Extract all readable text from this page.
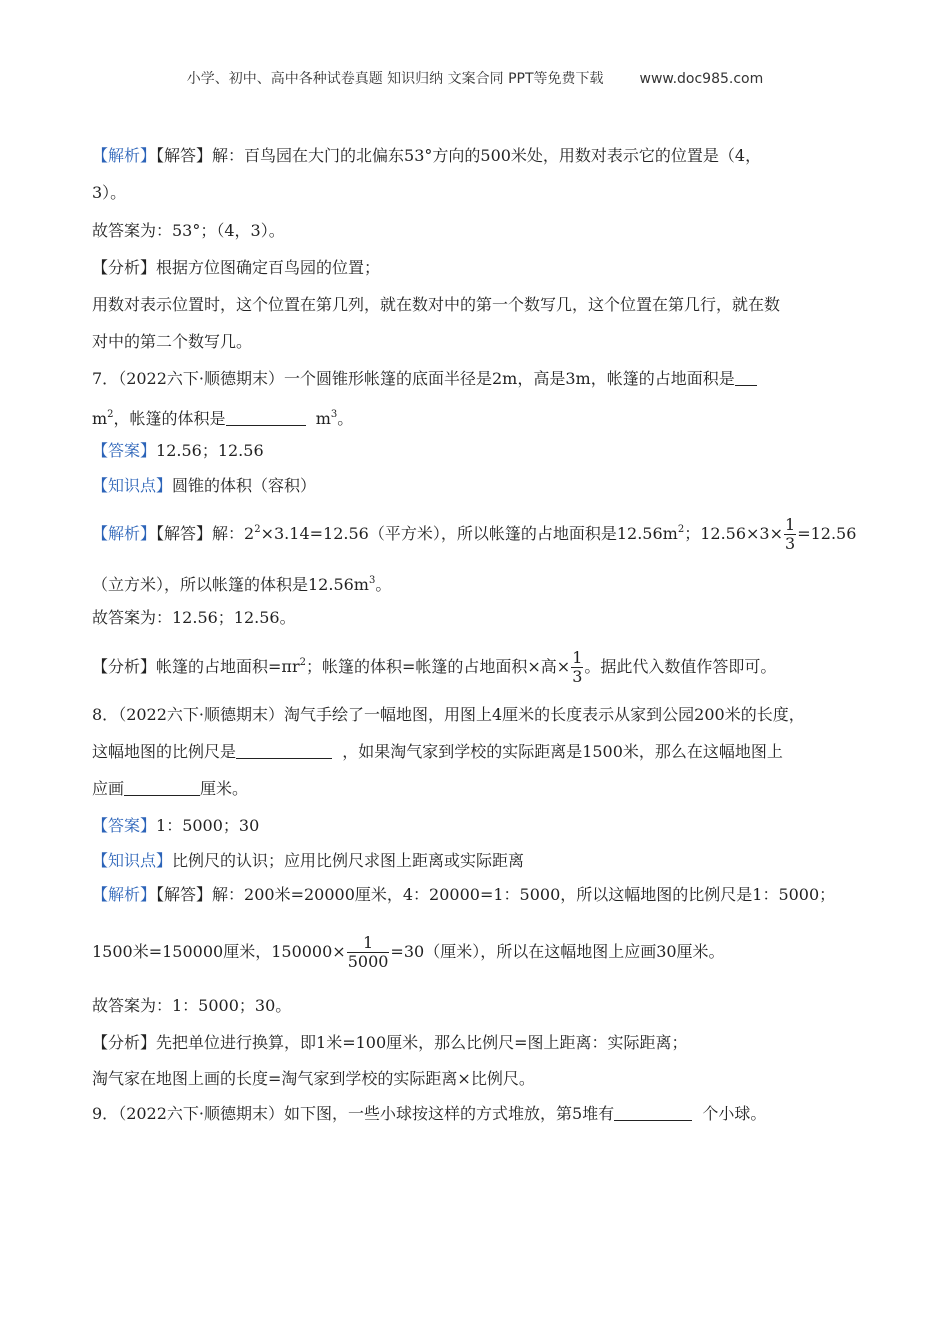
小学、初中、高中各种试卷真题 知识归纳 文案合同 PPT等免费下载	www.doc985.com
【解析】【解答】解：百鸟园在大门的北偏东53°方向的500米处，用数对表示它的位置是（4，
3）。
故答案为：53°；（4，3）。
【分析】根据方位图确定百鸟园的位置；
用数对表示位置时，这个位置在第几列，就在数对中的第一个数写几，这个位置在第几行，就在数
对中的第二个数写几。
7．（2022六下·顺德期末）一个圆锥形帐篷的底面半径是2m，高是3m，帐篷的占地面积是
$m^2$，帐篷的体积是	$m^3$。
【答案】12.56；12.56
【知识点】圆锥的体积（容积）
【解析】【解答】解：$2^2\times 3.14=12.56$（平方米），所以帐篷的占地面积是$12.56m^2$；$12.56\times 3\times \frac{1}{3} =12.56$
（立方米），所以帐篷的体积是$12.56m^3$。
故答案为：12.56；12.56。
【分析】帐篷的占地面积$=\pi r^2$；帐篷的体积=帐篷的占地面积×高× $\frac{1}{3}$ 。据此代入数值作答即可。
8．（2022六下·顺德期末）淘气手绘了一幅地图，用图上4厘米的长度表示从家到公园200米的长度，
这幅地图的比例尺是	，如果淘气家到学校的实际距离是1500米，那么在这幅地图上
应画	厘米。
【答案】1：5000；30
【知识点】比例尺的认识；应用比例尺求图上距离或实际距离
【解析】【解答】解：200米=20000厘米，4：20000=1：5000，所以这幅地图的比例尺是1：5000；
1500米=150000厘米，$150000\times \frac{1}{5000} =30$（厘米），所以在这幅地图上应画30厘米。
故答案为：1：5000；30。
【分析】先把单位进行换算，即1米=100厘米，那么比例尺=图上距离：实际距离；
淘气家在地图上画的长度=淘气家到学校的实际距离×比例尺。
9．（2022六下·顺德期末）如下图，一些小球按这样的方式堆放，第5堆有	个小球。
